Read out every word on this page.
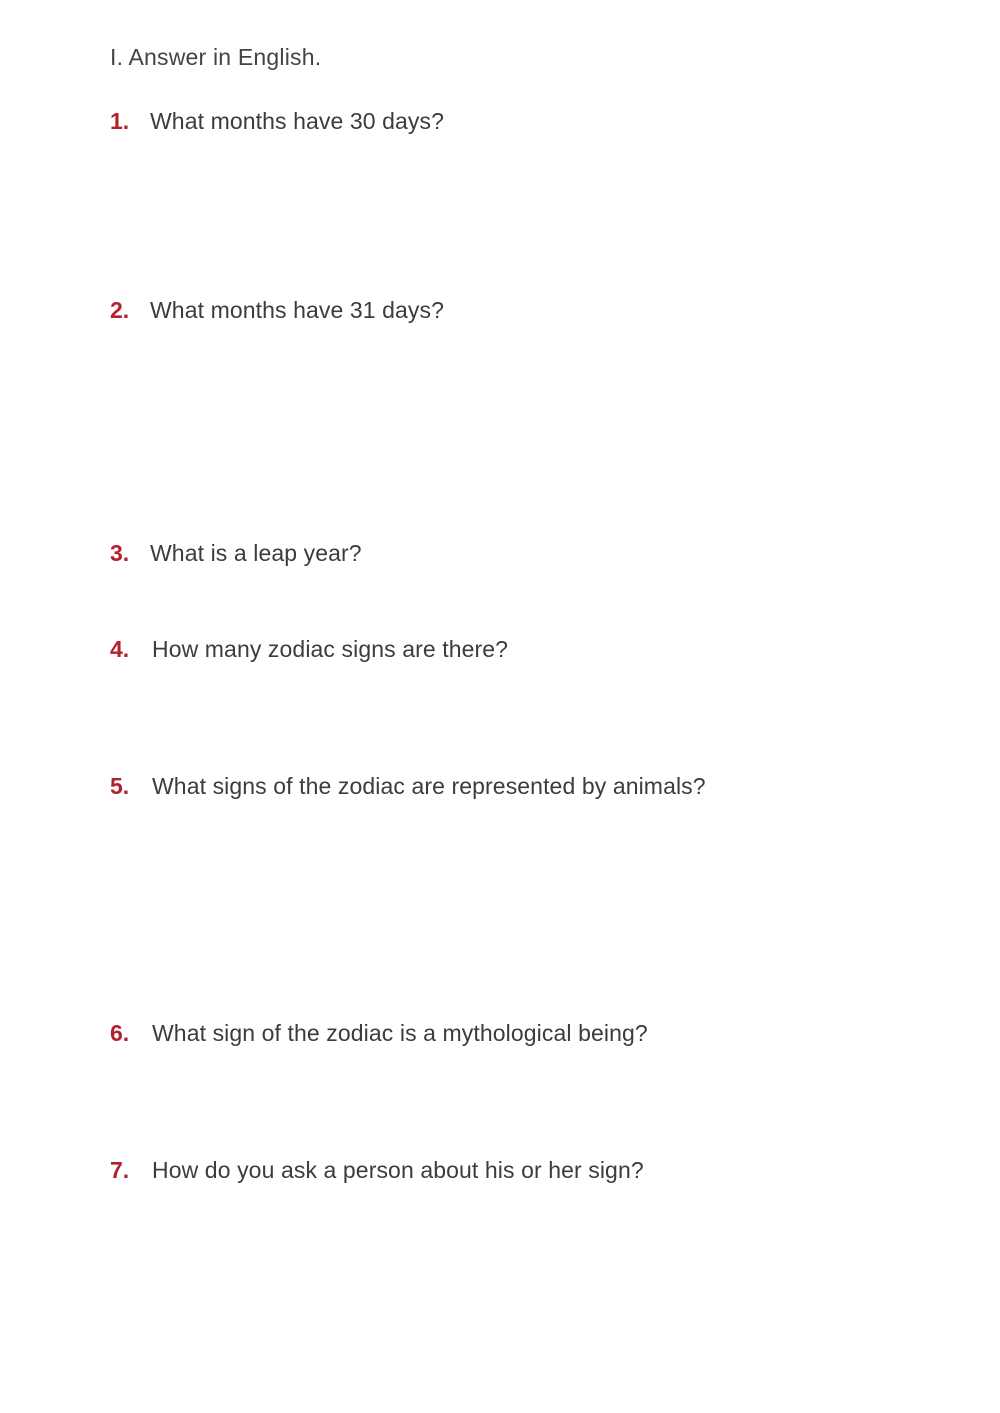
I. Answer in English.
1. What months have 30 days?
2. What months have 31 days?
3. What is a leap year?
4. How many zodiac signs are there?
5. What signs of the zodiac are represented by animals?
6. What sign of the zodiac is a mythological being?
7. How do you ask a person about his or her sign?
